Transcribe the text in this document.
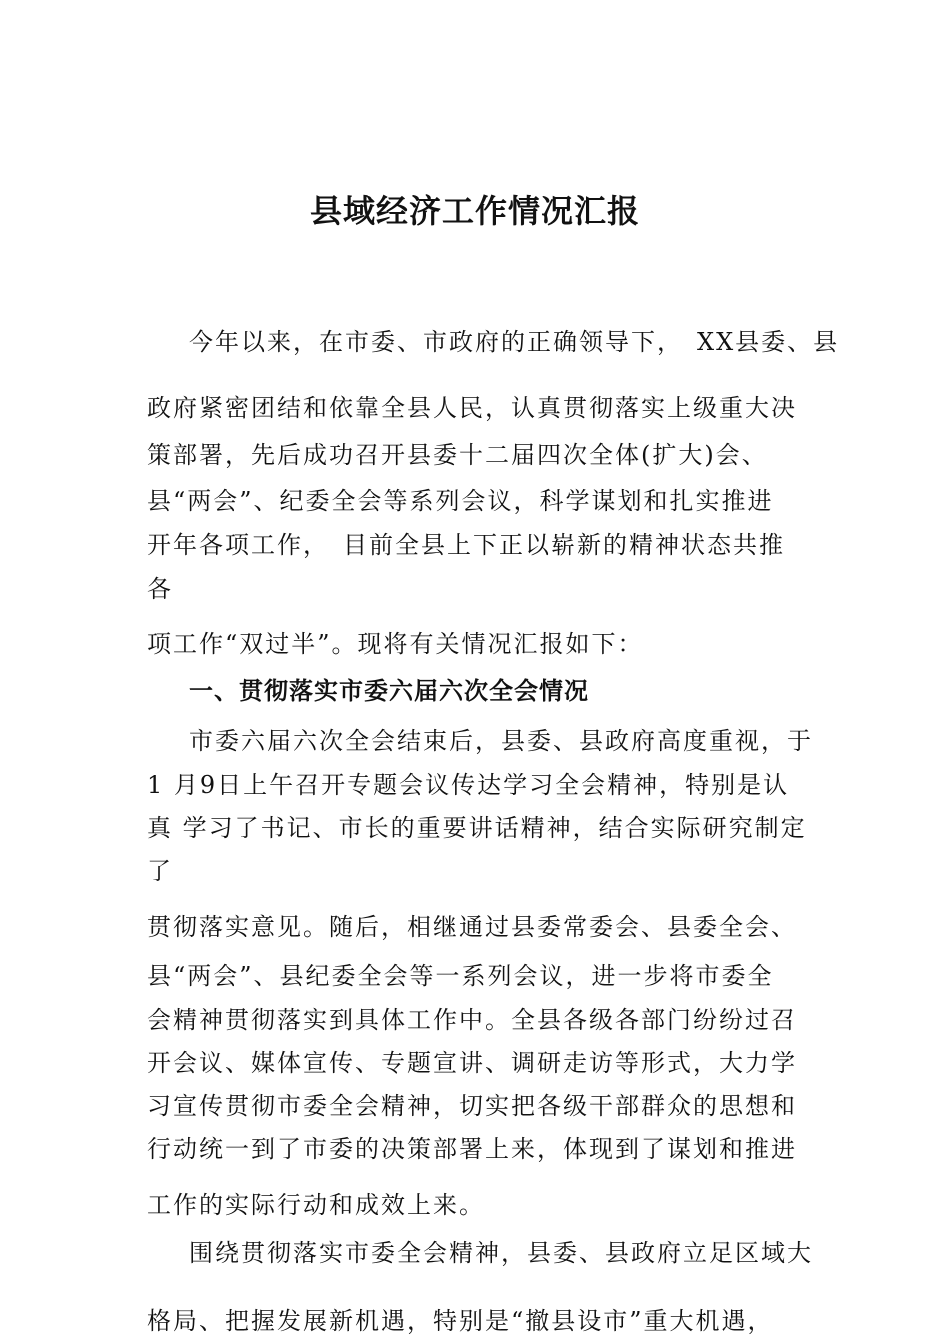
县域经济工作情况汇报
今年以来，在市委、市政府的正确领导下，　XX县委、县
政府紧密团结和依靠全县人民，认真贯彻落实上级重大决
策部署，先后成功召开县委十二届四次全体(扩大)会、
县“两会”、纪委全会等系列会议，科学谋划和扎实推进
开年各项工作，　目前全县上下正以崭新的精神状态共推
各
项工作“双过半”。现将有关情况汇报如下：
一、贯彻落实市委六届六次全会情况
市委六届六次全会结束后，县委、县政府高度重视，于
1 月9日上午召开专题会议传达学习全会精神，特别是认
真 学习了书记、市长的重要讲话精神，结合实际研究制定
了
贯彻落实意见。随后，相继通过县委常委会、县委全会、
县“两会”、县纪委全会等一系列会议，进一步将市委全
会精神贯彻落实到具体工作中。全县各级各部门纷纷过召
开会议、媒体宣传、专题宣讲、调研走访等形式，大力学
习宣传贯彻市委全会精神，切实把各级干部群众的思想和
行动统一到了市委的决策部署上来，体现到了谋划和推进
工作的实际行动和成效上来。
围绕贯彻落实市委全会精神，县委、县政府立足区域大
格局、把握发展新机遇，特别是“撤县设市”重大机遇，
